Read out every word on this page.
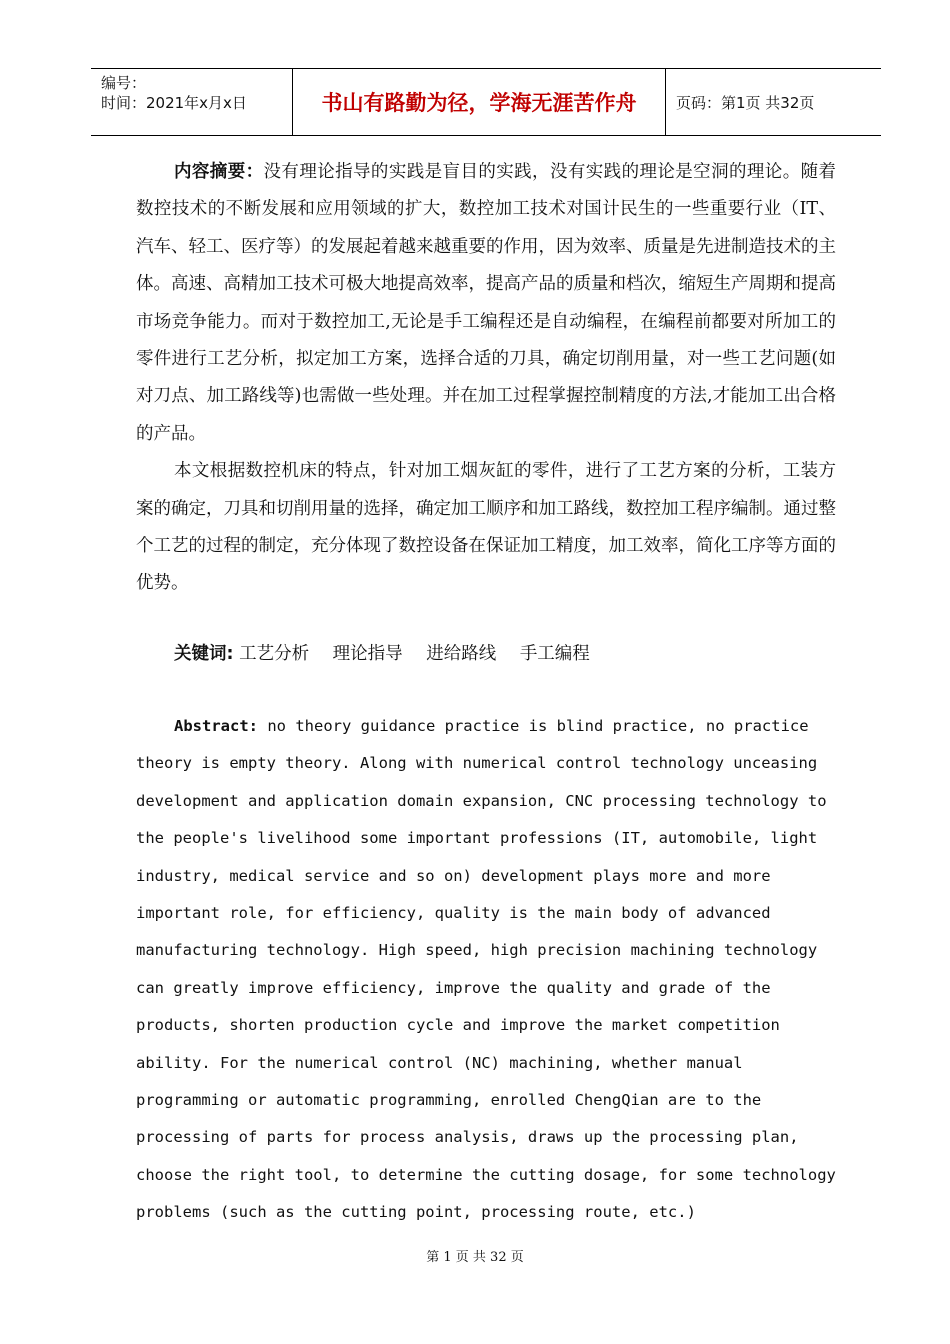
编号：
时间：2021年x月x日	书山有路勤为径，学海无涯苦作舟	页码：第1页 共32页

内容摘要：没有理论指导的实践是盲目的实践，没有实践的理论是空洞的理论。随着数控技术的不断发展和应用领域的扩大，数控加工技术对国计民生的一些重要行业（IT、汽车、轻工、医疗等）的发展起着越来越重要的作用，因为效率、质量是先进制造技术的主体。高速、高精加工技术可极大地提高效率，提高产品的质量和档次，缩短生产周期和提高市场竞争能力。而对于数控加工,无论是手工编程还是自动编程，在编程前都要对所加工的零件进行工艺分析，拟定加工方案，选择合适的刀具，确定切削用量，对一些工艺问题(如对刀点、加工路线等)也需做一些处理。并在加工过程掌握控制精度的方法,才能加工出合格的产品。

本文根据数控机床的特点，针对加工烟灰缸的零件，进行了工艺方案的分析，工装方案的确定，刀具和切削用量的选择，确定加工顺序和加工路线，数控加工程序编制。通过整个工艺的过程的制定，充分体现了数控设备在保证加工精度，加工效率，简化工序等方面的优势。

关键词: 工艺分析 理论指导 进给路线 手工编程

Abstract: no theory guidance practice is blind practice, no practice theory is empty theory. Along with numerical control technology unceasing development and application domain expansion, CNC processing technology to the people's livelihood some important professions (IT, automobile, light industry, medical service and so on) development plays more and more important role, for efficiency, quality is the main body of advanced manufacturing technology. High speed, high precision machining technology can greatly improve efficiency, improve the quality and grade of the products, shorten production cycle and improve the market competition ability. For the numerical control (NC) machining, whether manual programming or automatic programming, enrolled ChengQian are to the processing of parts for process analysis, draws up the processing plan, choose the right tool, to determine the cutting dosage, for some technology problems (such as the cutting point, processing route, etc.)

第 1 页 共 32 页
